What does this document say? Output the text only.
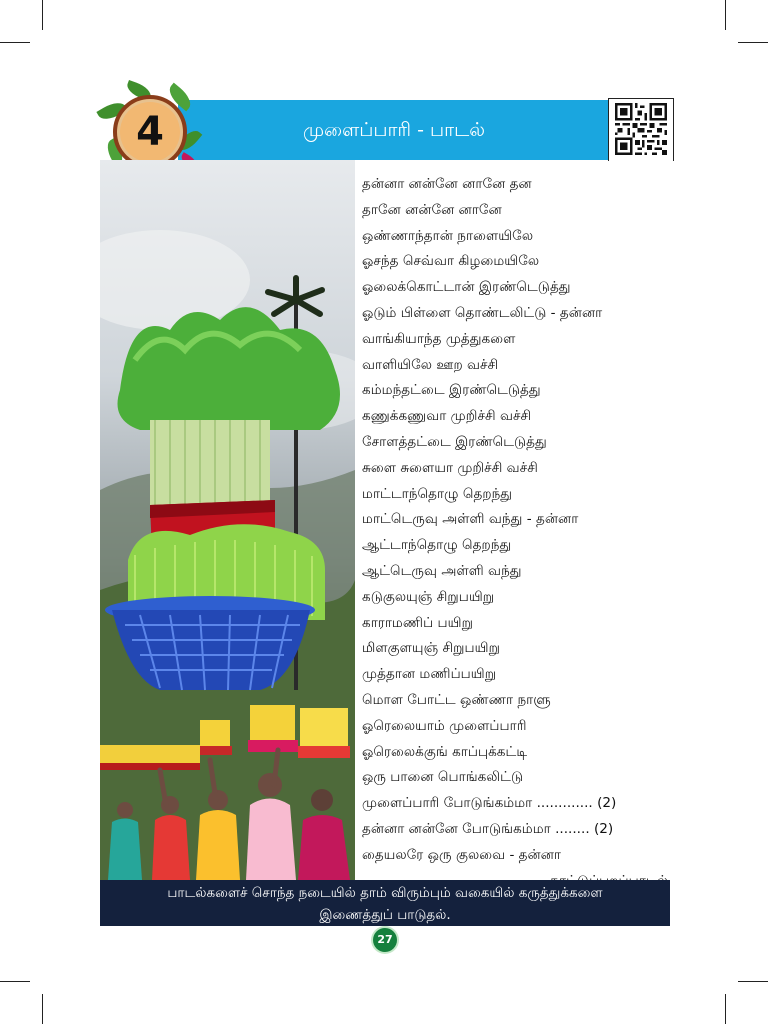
முளைப்பாரி - பாடல்
4
தன்னா னன்னே னானே தன
தானே னன்னே னானே
ஒண்ணாந்தான் நாளையிலே
ஓசந்த செவ்வா கிழமையிலே
ஓலைக்கொட்டான் இரண்டெடுத்து
ஓடும் பிள்ளை தொண்டலிட்டு - தன்னா
வாங்கியாந்த முத்துகளை
வாளியிலே ஊற வச்சி
கம்மந்தட்டை இரண்டெடுத்து
கணுக்கணுவா முறிச்சி வச்சி
சோளத்தட்டை இரண்டெடுத்து
சுளை சுளையா முறிச்சி வச்சி
மாட்டாந்தொழு தெறந்து
மாட்டெருவு அள்ளி வந்து - தன்னா
ஆட்டாந்தொழு தெறந்து
ஆட்டெருவு அள்ளி வந்து
கடுகுலயுஞ் சிறுபயிறு
காராமணிப் பயிறு
மிளகுளயுஞ் சிறுபயிறு
முத்தான மணிப்பயிறு
மொள போட்ட ஒண்ணா நாளு
ஓரெலையாம் முளைப்பாரி
ஓரெலைக்குங் காப்புக்கட்டி
ஒரு பானை பொங்கலிட்டு
முளைப்பாரி போடுங்கம்மா ............. (2)
தன்னா னன்னே போடுங்கம்மா ........ (2)
தையலரே ஒரு குலவை - தன்னா
பாடல்களைச் சொந்த நடையில் தாம் விரும்பும் வகையில் கருத்துக்களை
இணைத்துப் பாடுதல்.
27
